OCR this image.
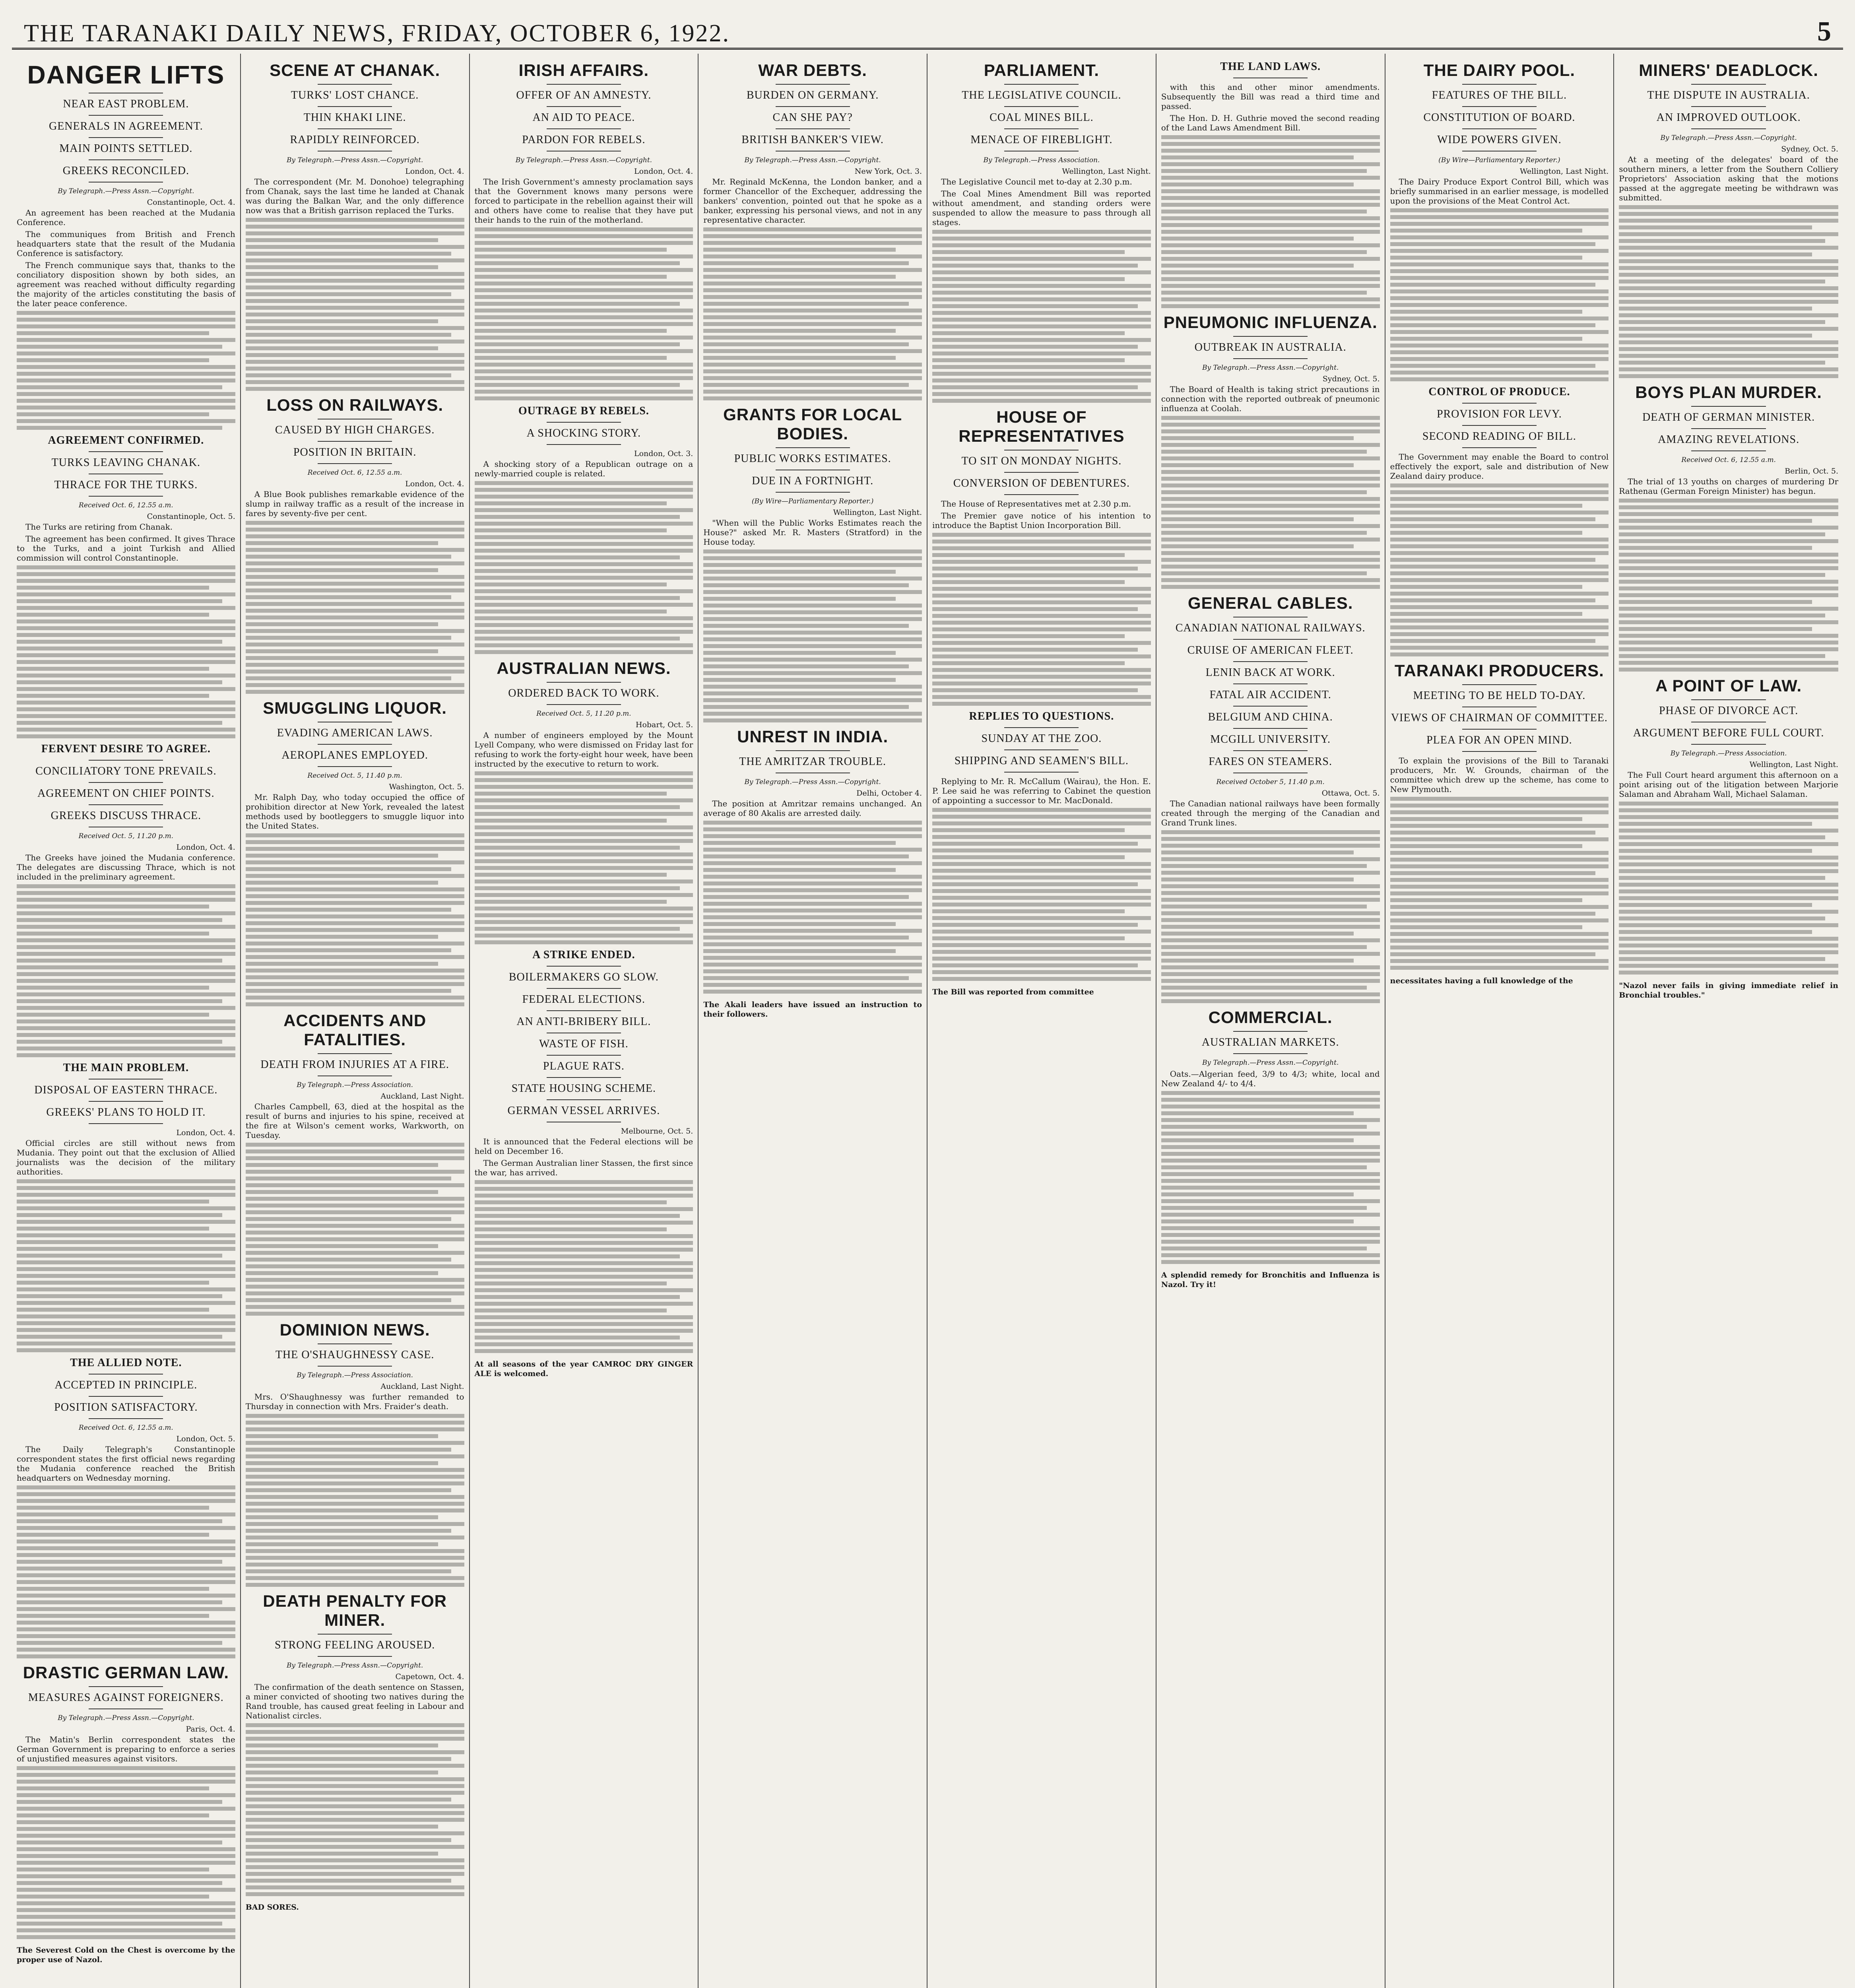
THE TARANAKI DAILY NEWS, FRIDAY, OCTOBER 6, 1922.	5
DANGER LIFTS
NEAR EAST PROBLEM.
GENERALS IN AGREEMENT.
MAIN POINTS SETTLED.
GREEKS RECONCILED.
By Telegraph.—Press Assn.—Copyright.
Constantinople, Oct. 4.

An agreement has been reached at the Mudania Conference.

The communiques from British and French headquarters state that the result of the Mudania Conference is satisfactory.

The French communique says that, thanks to the conciliatory disposition shown by both sides, an agreement was reached without difficulty regarding the majority of the articles constituting the basis of the later peace conference.

AGREEMENT CONFIRMED.
TURKS LEAVING CHANAK.
THRACE FOR THE TURKS.
Received Oct. 6, 12.55 a.m.
Constantinople, Oct. 5.

The Turks are retiring from Chanak.

The agreement has been confirmed. It gives Thrace to the Turks, and a joint Turkish and Allied commission will control Constantinople.

FERVENT DESIRE TO AGREE.
CONCILIATORY TONE PREVAILS.
AGREEMENT ON CHIEF POINTS.
GREEKS DISCUSS THRACE.
Received Oct. 5, 11.20 p.m.
London, Oct. 4.

The Greeks have joined the Mudania conference. The delegates are discussing Thrace, which is not included in the preliminary agreement.

THE MAIN PROBLEM.
DISPOSAL OF EASTERN THRACE.
GREEKS' PLANS TO HOLD IT.
London, Oct. 4.

Official circles are still without news from Mudania. They point out that the exclusion of Allied journalists was the decision of the military authorities.

THE ALLIED NOTE.
ACCEPTED IN PRINCIPLE.
POSITION SATISFACTORY.
Received Oct. 6, 12.55 a.m.
London, Oct. 5.

The Daily Telegraph's Constantinople correspondent states the first official news regarding the Mudania conference reached the British headquarters on Wednesday morning.

DRASTIC GERMAN LAW.
MEASURES AGAINST FOREIGNERS.
By Telegraph.—Press Assn.—Copyright.
Paris, Oct. 4.

The Matin's Berlin correspondent states the German Government is preparing to enforce a series of unjustified measures against visitors.

The Severest Cold on the Chest is overcome by the proper use of Nazol.
SCENE AT CHANAK.
TURKS' LOST CHANCE.
THIN KHAKI LINE.
RAPIDLY REINFORCED.
By Telegraph.—Press Assn.—Copyright.
London, Oct. 4.

The correspondent (Mr. M. Donohoe) telegraphing from Chanak, says the last time he landed at Chanak was during the Balkan War, and the only difference now was that a British garrison replaced the Turks.

LOSS ON RAILWAYS.
CAUSED BY HIGH CHARGES.
POSITION IN BRITAIN.
Received Oct. 6, 12.55 a.m.
London, Oct. 4.

A Blue Book publishes remarkable evidence of the slump in railway traffic as a result of the increase in fares by seventy-five per cent.

SMUGGLING LIQUOR.
EVADING AMERICAN LAWS.
AEROPLANES EMPLOYED.
Received Oct. 5, 11.40 p.m.
Washington, Oct. 5.

Mr. Ralph Day, who today occupied the office of prohibition director at New York, revealed the latest methods used by bootleggers to smuggle liquor into the United States.

ACCIDENTS AND FATALITIES.
DEATH FROM INJURIES AT A FIRE.
By Telegraph.—Press Association.
Auckland, Last Night.

Charles Campbell, 63, died at the hospital as the result of burns and injuries to his spine, received at the fire at Wilson's cement works, Warkworth, on Tuesday.

DOMINION NEWS.
THE O'SHAUGHNESSY CASE.
By Telegraph.—Press Association.
Auckland, Last Night.

Mrs. O'Shaughnessy was further remanded to Thursday in connection with Mrs. Fraider's death.

DEATH PENALTY FOR MINER.
STRONG FEELING AROUSED.
By Telegraph.—Press Assn.—Copyright.
Capetown, Oct. 4.

The confirmation of the death sentence on Stassen, a miner convicted of shooting two natives during the Rand trouble, has caused great feeling in Labour and Nationalist circles.

BAD SORES.
IRISH AFFAIRS.
OFFER OF AN AMNESTY.
AN AID TO PEACE.
PARDON FOR REBELS.
By Telegraph.—Press Assn.—Copyright.
London, Oct. 4.

The Irish Government's amnesty proclamation says that the Government knows many persons were forced to participate in the rebellion against their will and others have come to realise that they have put their hands to the ruin of the motherland.

OUTRAGE BY REBELS.
A SHOCKING STORY.
London, Oct. 3.

A shocking story of a Republican outrage on a newly-married couple is related.

AUSTRALIAN NEWS.
ORDERED BACK TO WORK.
Received Oct. 5, 11.20 p.m.
Hobart, Oct. 5.

A number of engineers employed by the Mount Lyell Company, who were dismissed on Friday last for refusing to work the forty-eight hour week, have been instructed by the executive to return to work.

A STRIKE ENDED.
BOILERMAKERS GO SLOW.
FEDERAL ELECTIONS.
AN ANTI-BRIBERY BILL.
WASTE OF FISH.
PLAGUE RATS.
STATE HOUSING SCHEME.
GERMAN VESSEL ARRIVES.
Melbourne, Oct. 5.

It is announced that the Federal elections will be held on December 16.

The German Australian liner Stassen, the first since the war, has arrived.

At all seasons of the year CAMROC DRY GINGER ALE is welcomed.
WAR DEBTS.
BURDEN ON GERMANY.
CAN SHE PAY?
BRITISH BANKER'S VIEW.
By Telegraph.—Press Assn.—Copyright.
New York, Oct. 3.

Mr. Reginald McKenna, the London banker, and a former Chancellor of the Exchequer, addressing the bankers' convention, pointed out that he spoke as a banker, expressing his personal views, and not in any representative character.

GRANTS FOR LOCAL BODIES.
PUBLIC WORKS ESTIMATES.
DUE IN A FORTNIGHT.
(By Wire—Parliamentary Reporter.)
Wellington, Last Night.

"When will the Public Works Estimates reach the House?" asked Mr. R. Masters (Stratford) in the House today.

UNREST IN INDIA.
THE AMRITZAR TROUBLE.
By Telegraph.—Press Assn.—Copyright.
Delhi, October 4.

The position at Amritzar remains unchanged. An average of 80 Akalis are arrested daily.

The Akali leaders have issued an instruction to their followers.
PARLIAMENT.
THE LEGISLATIVE COUNCIL.
COAL MINES BILL.
MENACE OF FIREBLIGHT.
By Telegraph.—Press Association.
Wellington, Last Night.

The Legislative Council met to-day at 2.30 p.m.

The Coal Mines Amendment Bill was reported without amendment, and standing orders were suspended to allow the measure to pass through all stages.

HOUSE OF REPRESENTATIVES
TO SIT ON MONDAY NIGHTS.
CONVERSION OF DEBENTURES.

The House of Representatives met at 2.30 p.m.

The Premier gave notice of his intention to introduce the Baptist Union Incorporation Bill.

REPLIES TO QUESTIONS.
SUNDAY AT THE ZOO.
SHIPPING AND SEAMEN'S BILL.

Replying to Mr. R. McCallum (Wairau), the Hon. E. P. Lee said he was referring to Cabinet the question of appointing a successor to Mr. MacDonald.

The Bill was reported from committee
THE LAND LAWS.

with this and other minor amendments. Subsequently the Bill was read a third time and passed.

The Hon. D. H. Guthrie moved the second reading of the Land Laws Amendment Bill.

PNEUMONIC INFLUENZA.
OUTBREAK IN AUSTRALIA.
By Telegraph.—Press Assn.—Copyright.
Sydney, Oct. 5.

The Board of Health is taking strict precautions in connection with the reported outbreak of pneumonic influenza at Coolah.

GENERAL CABLES.
CANADIAN NATIONAL RAILWAYS.
CRUISE OF AMERICAN FLEET.
LENIN BACK AT WORK.
FATAL AIR ACCIDENT.
BELGIUM AND CHINA.
MCGILL UNIVERSITY.
FARES ON STEAMERS.
Received October 5, 11.40 p.m.
Ottawa, Oct. 5.

The Canadian national railways have been formally created through the merging of the Canadian and Grand Trunk lines.

COMMERCIAL.
AUSTRALIAN MARKETS.
By Telegraph.—Press Assn.—Copyright.

Oats.—Algerian feed, 3/9 to 4/3; white, local and New Zealand 4/- to 4/4.

A splendid remedy for Bronchitis and Influenza is Nazol. Try it!
THE DAIRY POOL.
FEATURES OF THE BILL.
CONSTITUTION OF BOARD.
WIDE POWERS GIVEN.
(By Wire—Parliamentary Reporter.)
Wellington, Last Night.

The Dairy Produce Export Control Bill, which was briefly summarised in an earlier message, is modelled upon the provisions of the Meat Control Act.

CONTROL OF PRODUCE.
PROVISION FOR LEVY.
SECOND READING OF BILL.

The Government may enable the Board to control effectively the export, sale and distribution of New Zealand dairy produce.

TARANAKI PRODUCERS.
MEETING TO BE HELD TO-DAY.
VIEWS OF CHAIRMAN OF COMMITTEE.
PLEA FOR AN OPEN MIND.

To explain the provisions of the Bill to Taranaki producers, Mr. W. Grounds, chairman of the committee which drew up the scheme, has come to New Plymouth.

necessitates having a full knowledge of the
MINERS' DEADLOCK.
THE DISPUTE IN AUSTRALIA.
AN IMPROVED OUTLOOK.
By Telegraph.—Press Assn.—Copyright.
Sydney, Oct. 5.

At a meeting of the delegates' board of the southern miners, a letter from the Southern Colliery Proprietors' Association asking that the motions passed at the aggregate meeting be withdrawn was submitted.

BOYS PLAN MURDER.
DEATH OF GERMAN MINISTER.
AMAZING REVELATIONS.
Received Oct. 6, 12.55 a.m.
Berlin, Oct. 5.

The trial of 13 youths on charges of murdering Dr Rathenau (German Foreign Minister) has begun.

A POINT OF LAW.
PHASE OF DIVORCE ACT.
ARGUMENT BEFORE FULL COURT.
By Telegraph.—Press Association.
Wellington, Last Night.

The Full Court heard argument this afternoon on a point arising out of the litigation between Marjorie Salaman and Abraham Wall, Michael Salaman.

"Nazol never fails in giving immediate relief in Bronchial troubles."
